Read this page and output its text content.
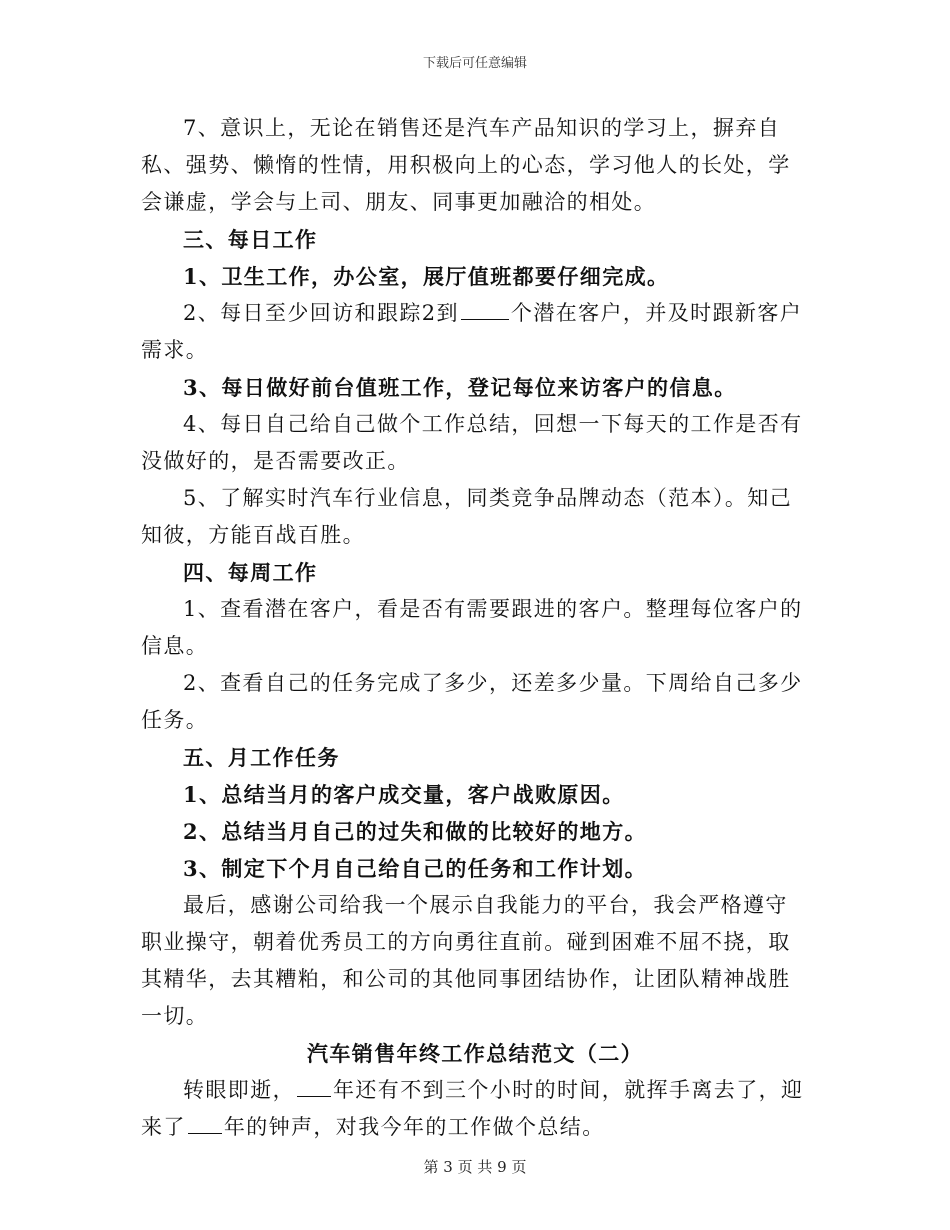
下载后可任意编辑

7、意识上，无论在销售还是汽车产品知识的学习上，摒弃自私、强势、懒惰的性情，用积极向上的心态，学习他人的长处，学会谦虚，学会与上司、朋友、同事更加融洽的相处。

三、每日工作

1、卫生工作，办公室，展厅值班都要仔细完成。

2、每日至少回访和跟踪2到 个潜在客户，并及时跟新客户需求。

3、每日做好前台值班工作，登记每位来访客户的信息。

4、每日自己给自己做个工作总结，回想一下每天的工作是否有没做好的，是否需要改正。

5、了解实时汽车行业信息，同类竞争品牌动态（范本）。知己知彼，方能百战百胜。

四、每周工作

1、查看潜在客户，看是否有需要跟进的客户。整理每位客户的信息。

2、查看自己的任务完成了多少，还差多少量。下周给自己多少任务。

五、月工作任务

1、总结当月的客户成交量，客户战败原因。

2、总结当月自己的过失和做的比较好的地方。

3、制定下个月自己给自己的任务和工作计划。

最后，感谢公司给我一个展示自我能力的平台，我会严格遵守职业操守，朝着优秀员工的方向勇往直前。碰到困难不屈不挠，取其精华，去其糟粕，和公司的其他同事团结协作，让团队精神战胜一切。

汽车销售年终工作总结范文（二）

转眼即逝， 年还有不到三个小时的时间，就挥手离去了，迎来了 年的钟声，对我今年的工作做个总结。

第 3 页 共 9 页
